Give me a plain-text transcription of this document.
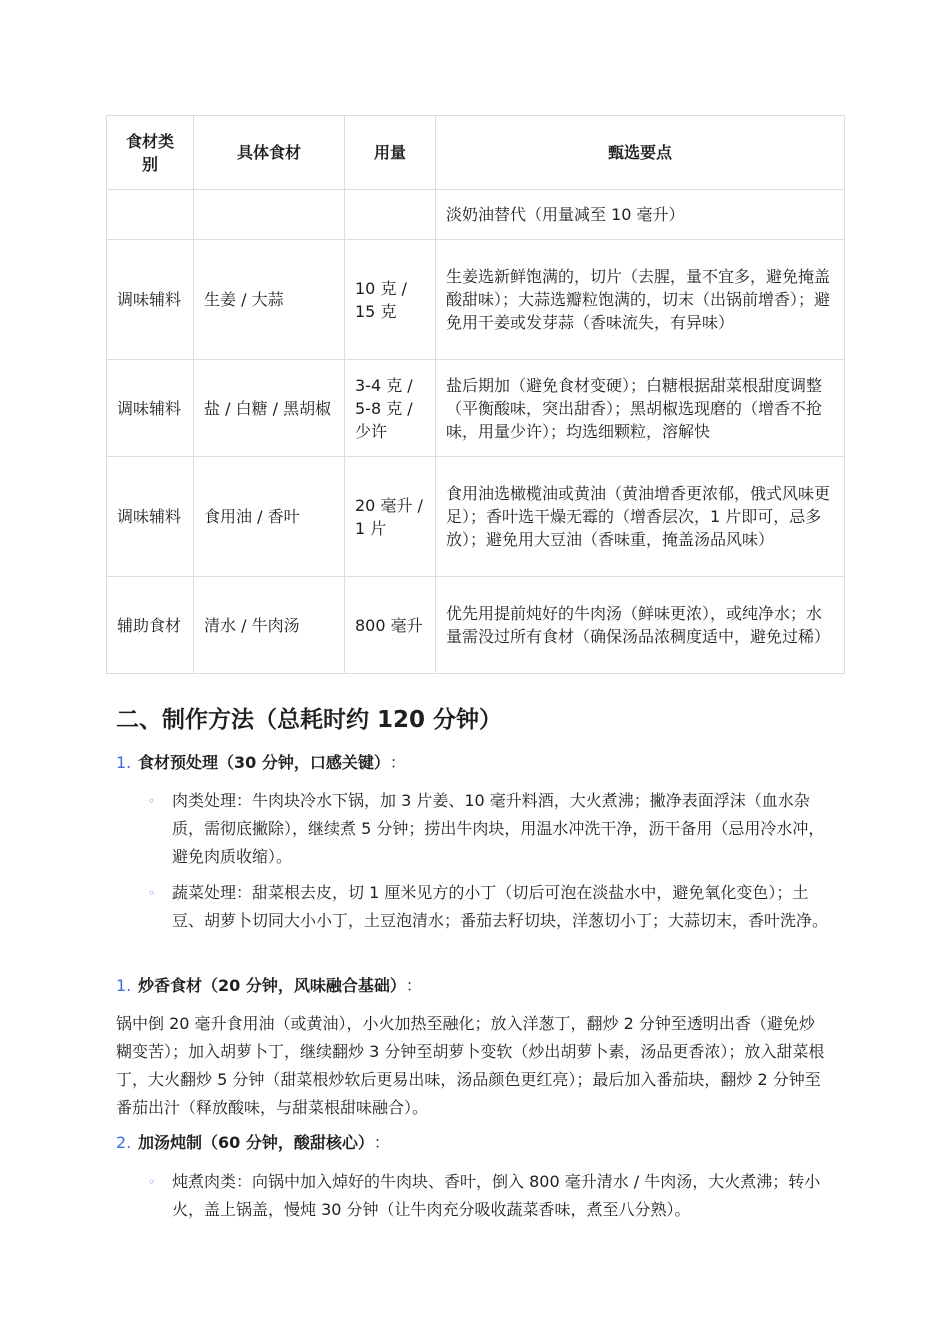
食材类别	具体食材	用量	甄选要点
			淡奶油替代（用量减至 10 毫升）
调味辅料	生姜 / 大蒜	10 克 / 15 克	生姜选新鲜饱满的，切片（去腥，量不宜多，避免掩盖酸甜味）；大蒜选瓣粒饱满的，切末（出锅前增香）；避免用干姜或发芽蒜（香味流失，有异味）
调味辅料	盐 / 白糖 / 黑胡椒	3-4 克 / 5-8 克 / 少许	盐后期加（避免食材变硬）；白糖根据甜菜根甜度调整（平衡酸味，突出甜香）；黑胡椒选现磨的（增香不抢味，用量少许）；均选细颗粒，溶解快
调味辅料	食用油 / 香叶	20 毫升 / 1 片	食用油选橄榄油或黄油（黄油增香更浓郁，俄式风味更足）；香叶选干燥无霉的（增香层次，1 片即可，忌多放）；避免用大豆油（香味重，掩盖汤品风味）
辅助食材	清水 / 牛肉汤	800 毫升	优先用提前炖好的牛肉汤（鲜味更浓），或纯净水；水量需没过所有食材（确保汤品浓稠度适中，避免过稀）
二、制作方法（总耗时约 120 分钟）
1. 食材预处理（30 分钟，口感关键） ：
◦	肉类处理：牛肉块冷水下锅，加 3 片姜、10 毫升料酒，大火煮沸；撇净表面浮沫（血水杂质，需彻底撇除），继续煮 5 分钟；捞出牛肉块，用温水冲洗干净，沥干备用（忌用冷水冲，避免肉质收缩）。
◦	蔬菜处理：甜菜根去皮，切 1 厘米见方的小丁（切后可泡在淡盐水中，避免氧化变色）；土豆、胡萝卜切同大小小丁，土豆泡清水；番茄去籽切块，洋葱切小丁；大蒜切末，香叶洗净。
1. 炒香食材（20 分钟，风味融合基础） ：
锅中倒 20 毫升食用油（或黄油），小火加热至融化；放入洋葱丁，翻炒 2 分钟至透明出香（避免炒糊变苦）；加入胡萝卜丁，继续翻炒 3 分钟至胡萝卜变软（炒出胡萝卜素，汤品更香浓）；放入甜菜根丁，大火翻炒 5 分钟（甜菜根炒软后更易出味，汤品颜色更红亮）；最后加入番茄块，翻炒 2 分钟至番茄出汁（释放酸味，与甜菜根甜味融合）。
2. 加汤炖制（60 分钟，酸甜核心） ：
◦	炖煮肉类：向锅中加入焯好的牛肉块、香叶，倒入 800 毫升清水 / 牛肉汤，大火煮沸；转小火，盖上锅盖，慢炖 30 分钟（让牛肉充分吸收蔬菜香味，煮至八分熟）。
